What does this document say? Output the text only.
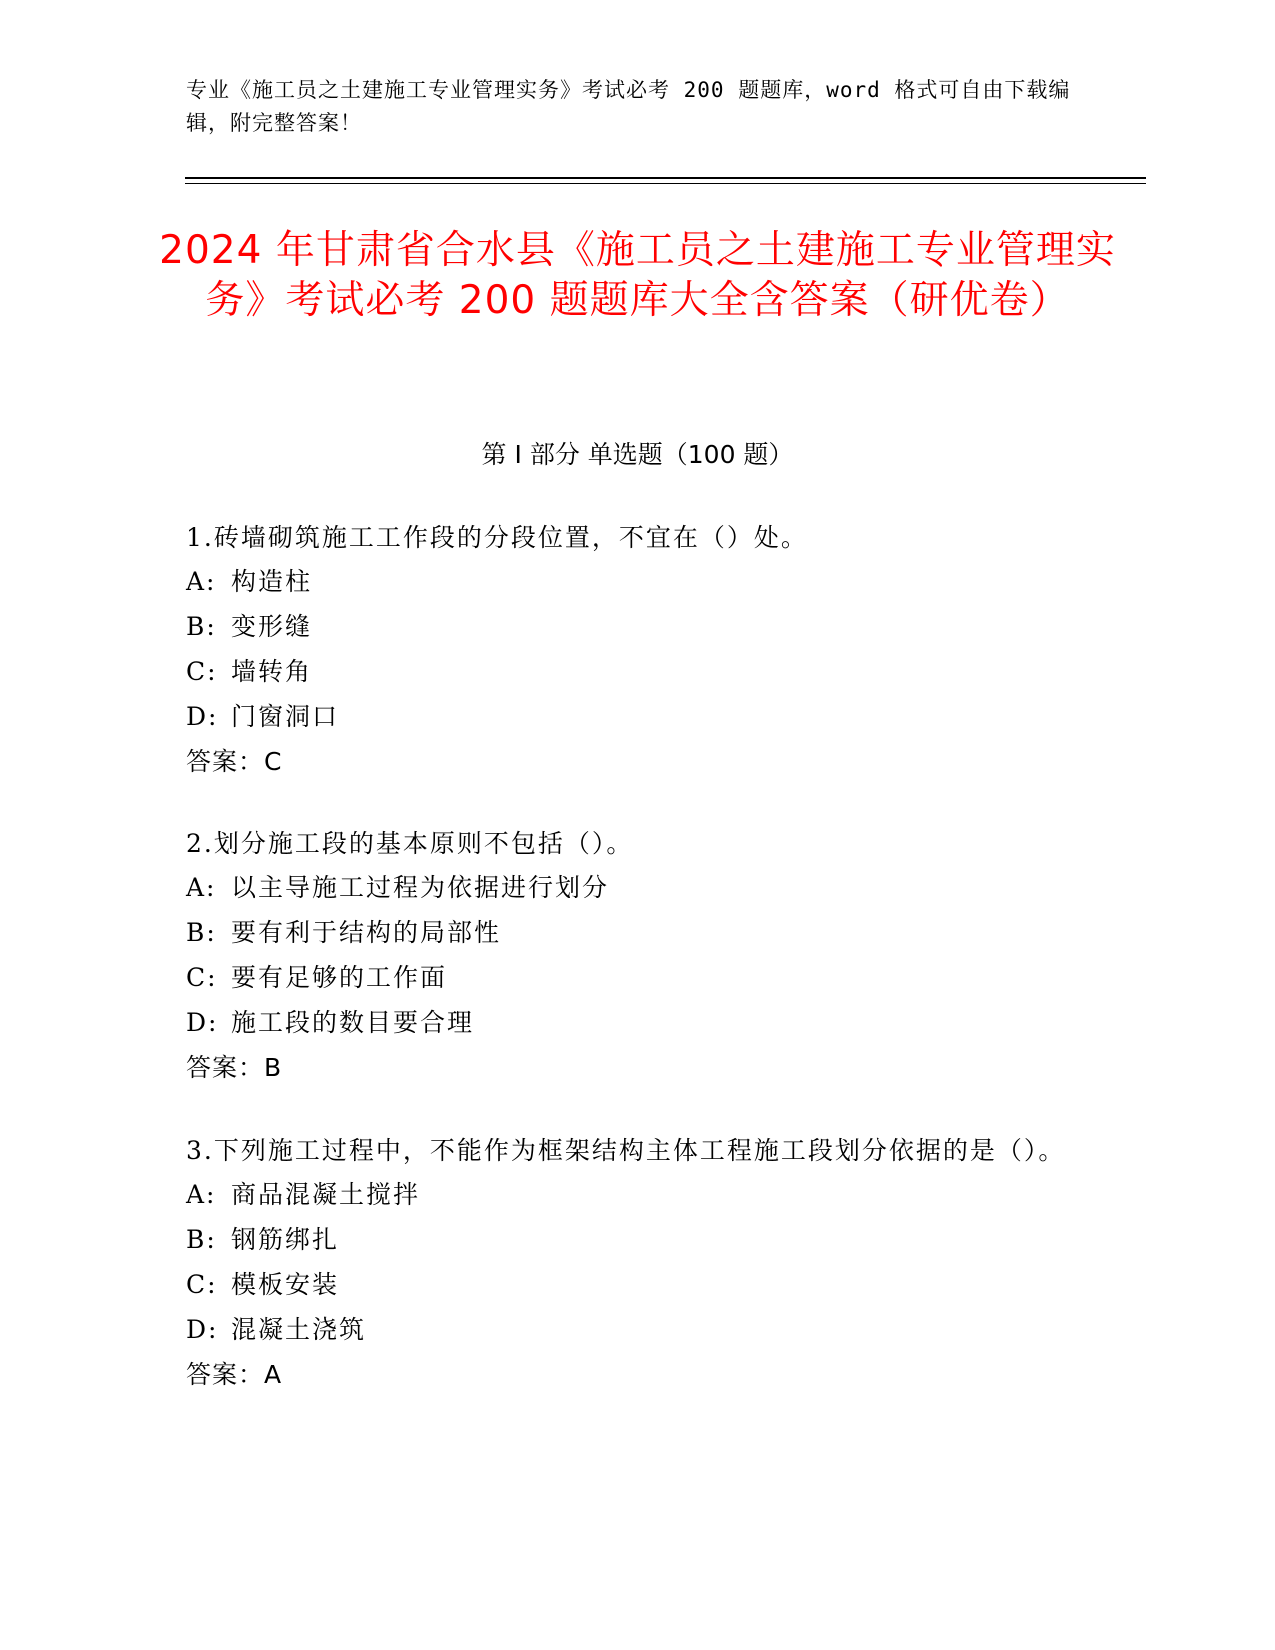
专业《施工员之土建施工专业管理实务》考试必考 200 题题库，word 格式可自由下载编辑，附完整答案！
2024 年甘肃省合水县《施工员之土建施工专业管理实务》考试必考 200 题题库大全含答案（研优卷）
第 I 部分 单选题（100 题）

1.砖墙砌筑施工工作段的分段位置，不宜在（）处。

A: 构造柱

B: 变形缝

C: 墙转角

D: 门窗洞口

答案：C

2.划分施工段的基本原则不包括（）。

A: 以主导施工过程为依据进行划分

B: 要有利于结构的局部性

C: 要有足够的工作面

D: 施工段的数目要合理

答案：B

3.下列施工过程中，不能作为框架结构主体工程施工段划分依据的是（）。

A: 商品混凝土搅拌

B: 钢筋绑扎

C: 模板安装

D: 混凝土浇筑

答案：A
